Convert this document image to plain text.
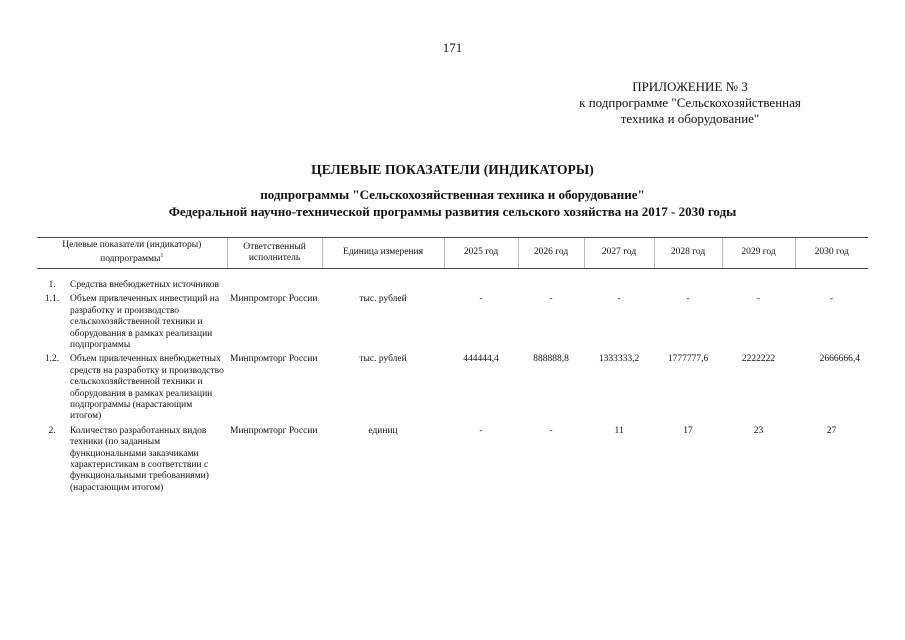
171
ПРИЛОЖЕНИЕ № 3
к подпрограмме "Сельскохозяйственная
техника и оборудование"
ЦЕЛЕВЫЕ ПОКАЗАТЕЛИ (ИНДИКАТОРЫ)
подпрограммы "Сельскохозяйственная техника и оборудование"
Федеральной научно-технической программы развития сельского хозяйства на 2017 - 2030 годы
Целевые показатели (индикаторы) подпрограммы$^1$		Ответственный исполнитель	Единица измерения	2025 год	2026 год	2027 год	2028 год	2029 год	2030 год
1.	Средства внебюджетных источников								
1.1.	Объем привлеченных инвестиций на разработку и производство сельскохозяйственной техники и оборудования в рамках реализации подпрограммы	Минпромторг России	тыс. рублей	-	-	-	-	-	-
1.2.	Объем привлеченных внебюджетных средств на разработку и производство сельскохозяйственной техники и оборудования в рамках реализации подпрограммы (нарастающим итогом)	Минпромторг России	тыс. рублей	444444,4	888888,8	1333333,2	1777777,6	2222222	2666666,4
2.	Количество разработанных видов техники (по заданным функциональными заказчиками характеристикам в соответствии с функциональными требованиями) (нарастающим итогом)	Минпромторг России	единиц	-	-	11	17	23	27
